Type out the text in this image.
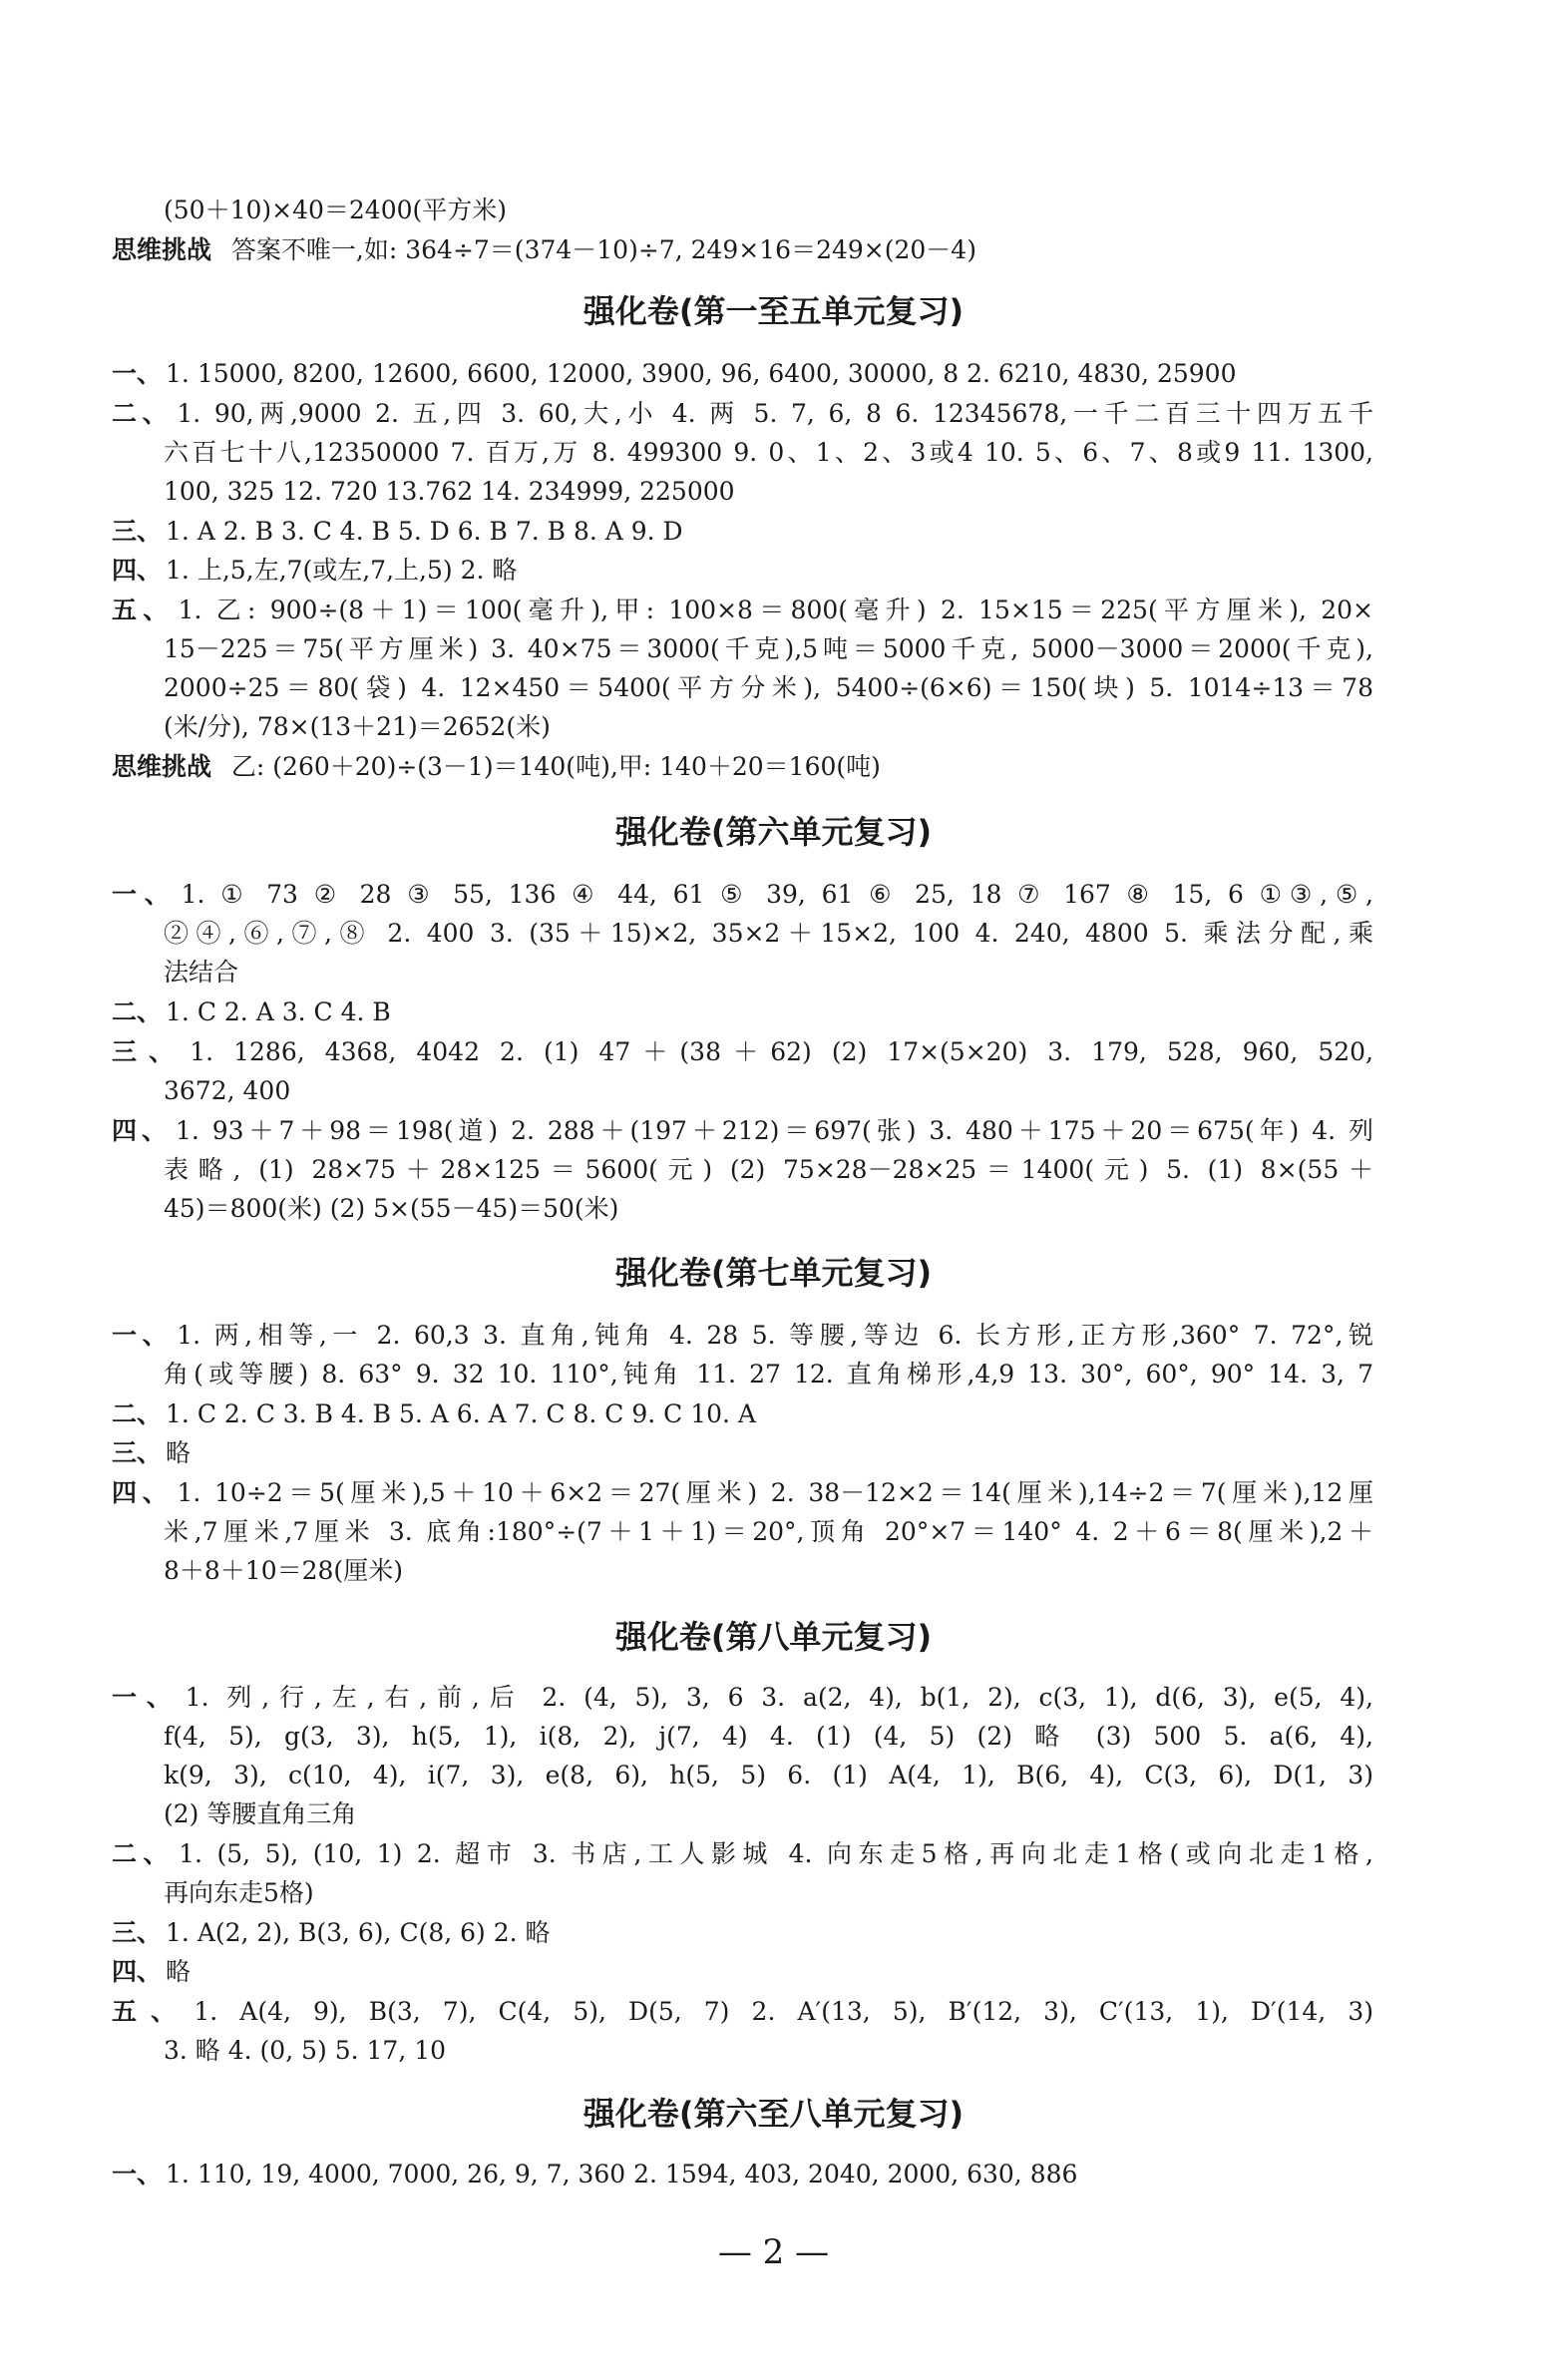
(50＋10)×40＝2400(平方米)
思维挑战 答案不唯一,如: 364÷7＝(374－10)÷7, 249×16＝249×(20－4)
强化卷(第一至五单元复习)
一、 1. 15000, 8200, 12600, 6600, 12000, 3900, 96, 6400, 30000, 8 2. 6210, 4830, 25900
二、 1. 90,两,9000 2. 五,四 3. 60,大,小 4. 两 5. 7, 6, 8 6. 12345678,一千二百三十四万五千
六百七十八,12350000 7. 百万,万 8. 499300 9. 0、1、2、3或4 10. 5、6、7、8或9 11. 1300,
100, 325 12. 720 13.762 14. 234999, 225000
三、 1. A 2. B 3. C 4. B 5. D 6. B 7. B 8. A 9. D
四、 1. 上,5,左,7(或左,7,上,5) 2. 略
五、 1. 乙: 900÷(8＋1)＝100(毫升),甲: 100×8＝800(毫升) 2. 15×15＝225(平方厘米), 20×
15－225＝75(平方厘米) 3. 40×75＝3000(千克),5吨＝5000千克, 5000－3000＝2000(千克),
2000÷25＝80(袋) 4. 12×450＝5400(平方分米), 5400÷(6×6)＝150(块) 5. 1014÷13＝78
(米/分), 78×(13＋21)＝2652(米)
思维挑战 乙: (260＋20)÷(3－1)＝140(吨),甲: 140＋20＝160(吨)
强化卷(第六单元复习)
一、 1. ① 73 ② 28 ③ 55, 136 ④ 44, 61 ⑤ 39, 61 ⑥ 25, 18 ⑦ 167 ⑧ 15, 6 ①③,⑤,
②④,⑥,⑦,⑧ 2. 400 3. (35＋15)×2, 35×2＋15×2, 100 4. 240, 4800 5. 乘法分配,乘
法结合
二、 1. C 2. A 3. C 4. B
三、 1. 1286, 4368, 4042 2. (1) 47＋(38＋62) (2) 17×(5×20) 3. 179, 528, 960, 520,
3672, 400
四、 1. 93＋7＋98＝198(道) 2. 288＋(197＋212)＝697(张) 3. 480＋175＋20＝675(年) 4. 列
表略, (1) 28×75＋28×125＝5600(元) (2) 75×28－28×25＝1400(元) 5. (1) 8×(55＋
45)＝800(米) (2) 5×(55－45)＝50(米)
强化卷(第七单元复习)
一、 1. 两,相等,一 2. 60,3 3. 直角,钝角 4. 28 5. 等腰,等边 6. 长方形,正方形,360° 7. 72°,锐
角(或等腰) 8. 63° 9. 32 10. 110°,钝角 11. 27 12. 直角梯形,4,9 13. 30°, 60°, 90° 14. 3, 7
二、 1. C 2. C 3. B 4. B 5. A 6. A 7. C 8. C 9. C 10. A
三、 略
四、 1. 10÷2＝5(厘米),5＋10＋6×2＝27(厘米) 2. 38－12×2＝14(厘米),14÷2＝7(厘米),12厘
米,7厘米,7厘米 3. 底角:180°÷(7＋1＋1)＝20°,顶角 20°×7＝140° 4. 2＋6＝8(厘米),2＋
8＋8＋10＝28(厘米)
强化卷(第八单元复习)
一、 1. 列,行,左,右,前,后 2. (4, 5), 3, 6 3. a(2, 4), b(1, 2), c(3, 1), d(6, 3), e(5, 4),
f(4, 5), g(3, 3), h(5, 1), i(8, 2), j(7, 4) 4. (1) (4, 5) (2) 略 (3) 500 5. a(6, 4),
k(9, 3), c(10, 4), i(7, 3), e(8, 6), h(5, 5) 6. (1) A(4, 1), B(6, 4), C(3, 6), D(1, 3)
(2) 等腰直角三角
二、 1. (5, 5), (10, 1) 2. 超市 3. 书店,工人影城 4. 向东走5格,再向北走1格(或向北走1格,
再向东走5格)
三、 1. A(2, 2), B(3, 6), C(8, 6) 2. 略
四、 略
五、 1. A(4, 9), B(3, 7), C(4, 5), D(5, 7) 2. A′(13, 5), B′(12, 3), C′(13, 1), D′(14, 3)
3. 略 4. (0, 5) 5. 17, 10
强化卷(第六至八单元复习)
一、 1. 110, 19, 4000, 7000, 26, 9, 7, 360 2. 1594, 403, 2040, 2000, 630, 886
— 2 —
